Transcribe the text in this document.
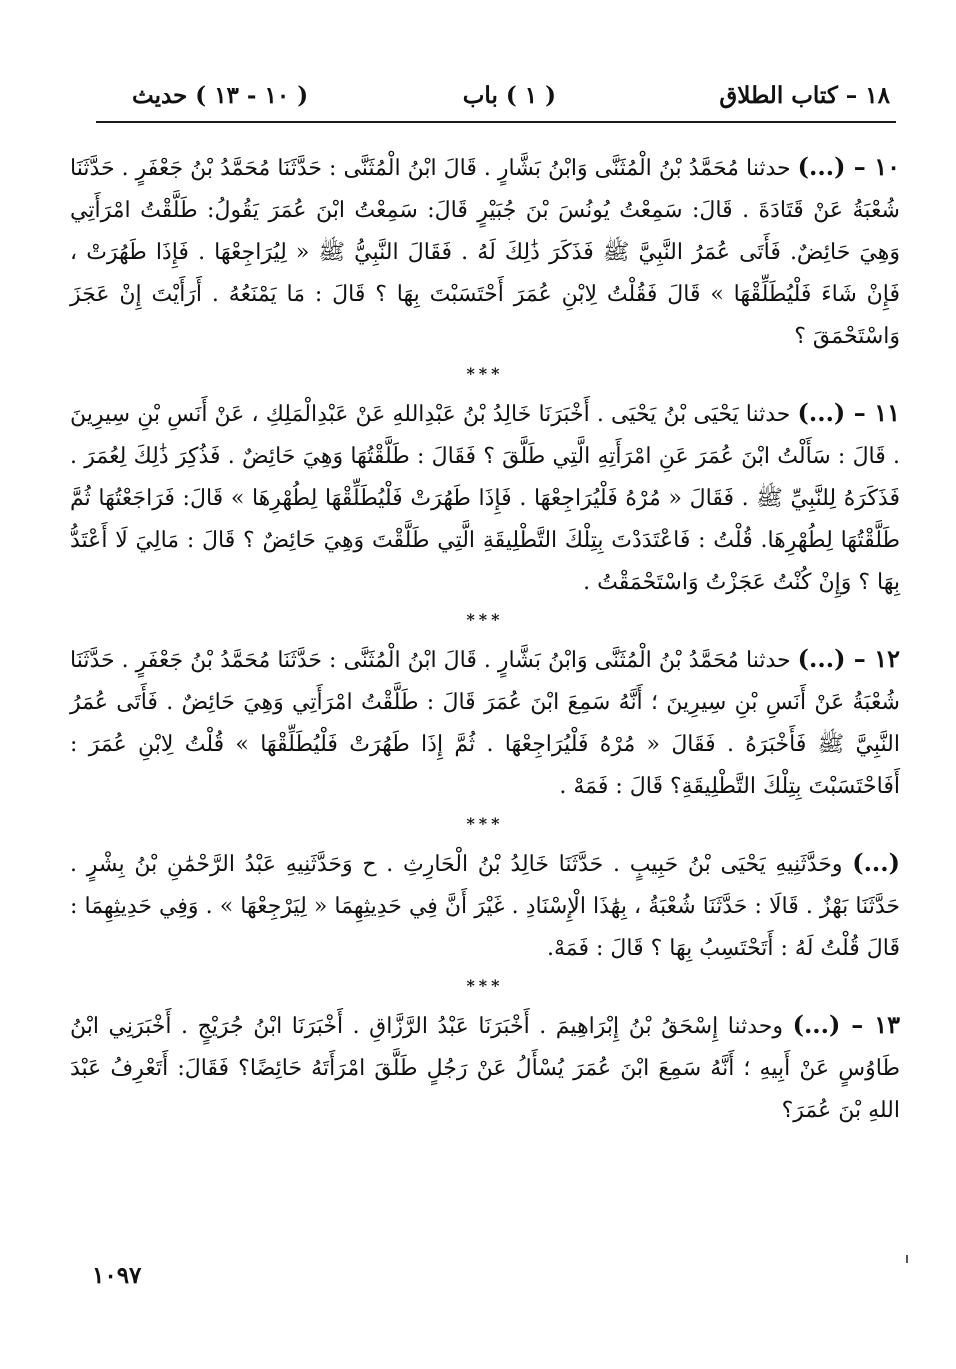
١٨ – كتاب الطلاق
( ١ ) باب
( ١٠ - ١٣ ) حديث

١٠ – (...) حدثنا مُحَمَّدُ بْنُ الْمُثَنَّى وَابْنُ بَشَّارٍ . قَالَ ابْنُ الْمُثَنَّى : حَدَّثَنَا مُحَمَّدُ بْنُ جَعْفَرٍ . حَدَّثَنَا شُعْبَةُ عَنْ قَتَادَةَ . قَالَ: سَمِعْتُ يُونُسَ بْنَ جُبَيْرٍ قَالَ: سَمِعْتُ ابْنَ عُمَرَ يَقُولُ: طَلَّقْتُ امْرَأَتِي وَهِيَ حَائِضٌ. فَأَتَى عُمَرُ النَّبِيَّ ﷺ فَذَكَرَ ذَٰلِكَ لَهُ . فَقَالَ النَّبِيُّ ﷺ « لِيُرَاجِعْهَا . فَإِذَا طَهُرَتْ ، فَإِنْ شَاءَ فَلْيُطَلِّقْهَا » قَالَ فَقُلْتُ لِابْنِ عُمَرَ أَحْتَسَبْتَ بِهَا ؟ قَالَ : مَا يَمْنَعُهُ . أَرَأَيْتَ إِنْ عَجَزَ وَاسْتَحْمَقَ ؟

***

١١ – (...) حدثنا يَحْيَى بْنُ يَحْيَى . أَخْبَرَنَا خَالِدُ بْنُ عَبْدِاللهِ عَنْ عَبْدِالْمَلِكِ ، عَنْ أَنَسِ بْنِ سِيرِينَ . قَالَ : سَأَلْتُ ابْنَ عُمَرَ عَنِ امْرَأَتِهِ الَّتِي طَلَّقَ ؟ فَقَالَ : طَلَّقْتُهَا وَهِيَ حَائِضٌ . فَذُكِرَ ذَٰلِكَ لِعُمَرَ . فَذَكَرَهُ لِلنَّبِيِّ ﷺ . فَقَالَ « مُرْهُ فَلْيُرَاجِعْهَا . فَإِذَا طَهُرَتْ فَلْيُطَلِّقْهَا لِطُهْرِهَا » قَالَ: فَرَاجَعْتُهَا ثُمَّ طَلَّقْتُهَا لِطُهْرِهَا. قُلْتُ : فَاعْتَدَدْتَ بِتِلْكَ التَّطْلِيقَةِ الَّتِي طَلَّقْتَ وَهِيَ حَائِضٌ ؟ قَالَ : مَالِيَ لَا أَعْتَدُّ بِهَا ؟ وَإِنْ كُنْتُ عَجَزْتُ وَاسْتَحْمَقْتُ .

***

١٢ – (...) حدثنا مُحَمَّدُ بْنُ الْمُثَنَّى وَابْنُ بَشَّارٍ . قَالَ ابْنُ الْمُثَنَّى : حَدَّثَنَا مُحَمَّدُ بْنُ جَعْفَرٍ . حَدَّثَنَا شُعْبَةُ عَنْ أَنَسِ بْنِ سِيرِينَ ؛ أَنَّهُ سَمِعَ ابْنَ عُمَرَ قَالَ : طَلَّقْتُ امْرَأَتِي وَهِيَ حَائِضٌ . فَأَتَى عُمَرُ النَّبِيَّ ﷺ فَأَخْبَرَهُ . فَقَالَ « مُرْهُ فَلْيُرَاجِعْهَا . ثُمَّ إِذَا طَهُرَتْ فَلْيُطَلِّقْهَا » قُلْتُ لِابْنِ عُمَرَ : أَفَاحْتَسَبْتَ بِتِلْكَ التَّطْلِيقَةِ؟ قَالَ : فَمَهْ .

***

(...) وحَدَّثَنِيهِ يَحْيَى بْنُ حَبِيبٍ . حَدَّثَنَا خَالِدُ بْنُ الْحَارِثِ . ح وَحَدَّثَنِيهِ عَبْدُ الرَّحْمَٰنِ بْنُ بِشْرٍ . حَدَّثَنَا بَهْزٌ . قَالَا : حَدَّثَنَا شُعْبَةُ ، بِهَٰذَا الْإِسْنَادِ . غَيْرَ أَنَّ فِي حَدِيثِهِمَا « لِيَرْجِعْهَا » . وَفِي حَدِيثِهِمَا : قَالَ قُلْتُ لَهُ : أَتَحْتَسِبُ بِهَا ؟ قَالَ : فَمَهْ.

***

١٣ – (...) وحدثنا إِسْحَقُ بْنُ إِبْرَاهِيمَ . أَخْبَرَنَا عَبْدُ الرَّزَّاقِ . أَخْبَرَنَا ابْنُ جُرَيْجٍ . أَخْبَرَنِي ابْنُ طَاوُسٍ عَنْ أَبِيهِ ؛ أَنَّهُ سَمِعَ ابْنَ عُمَرَ يُسْأَلُ عَنْ رَجُلٍ طَلَّقَ امْرَأَتَهُ حَائِضًا؟ فَقَالَ: أَتَعْرِفُ عَبْدَ اللهِ بْنَ عُمَرَ؟

١٠٩٧
